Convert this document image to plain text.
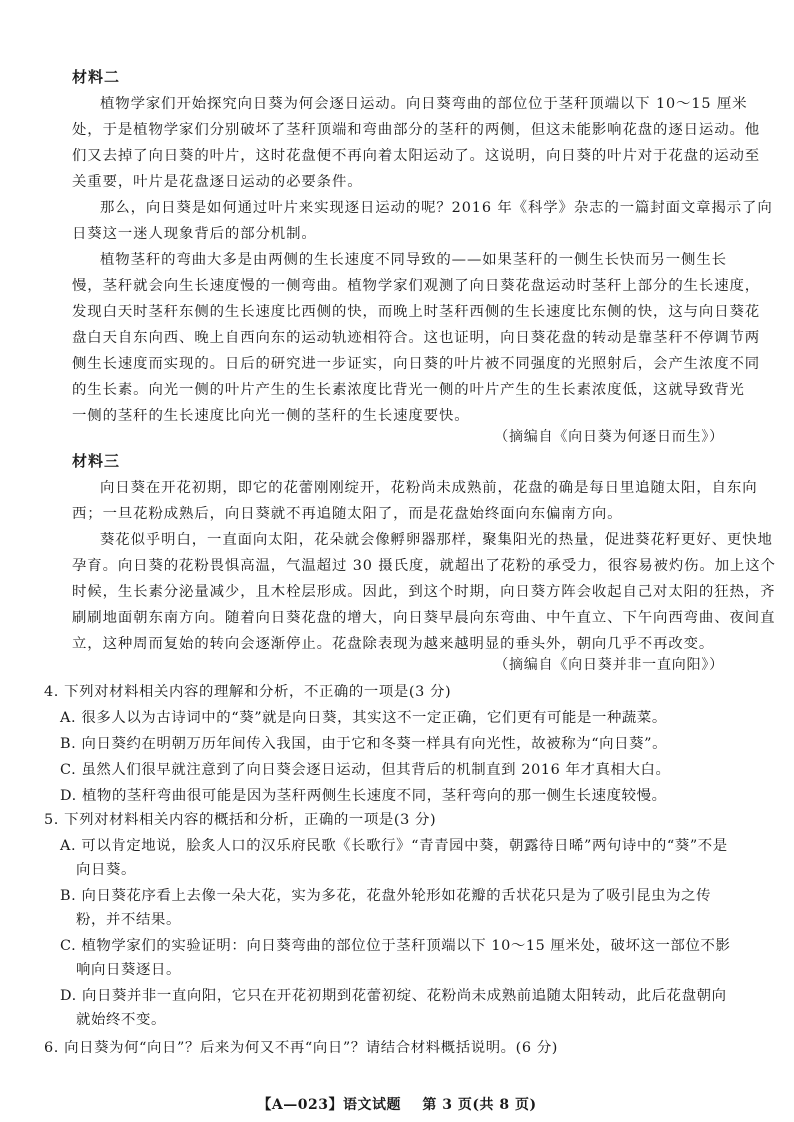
材料二
植物学家们开始探究向日葵为何会逐日运动。向日葵弯曲的部位位于茎秆顶端以下 10～15 厘米
处，于是植物学家们分别破坏了茎秆顶端和弯曲部分的茎秆的两侧，但这未能影响花盘的逐日运动。他
们又去掉了向日葵的叶片，这时花盘便不再向着太阳运动了。这说明，向日葵的叶片对于花盘的运动至
关重要，叶片是花盘逐日运动的必要条件。
那么，向日葵是如何通过叶片来实现逐日运动的呢？2016 年《科学》杂志的一篇封面文章揭示了向
日葵这一迷人现象背后的部分机制。
植物茎秆的弯曲大多是由两侧的生长速度不同导致的——如果茎秆的一侧生长快而另一侧生长
慢，茎秆就会向生长速度慢的一侧弯曲。植物学家们观测了向日葵花盘运动时茎秆上部分的生长速度，
发现白天时茎秆东侧的生长速度比西侧的快，而晚上时茎秆西侧的生长速度比东侧的快，这与向日葵花
盘白天自东向西、晚上自西向东的运动轨迹相符合。这也证明，向日葵花盘的转动是靠茎秆不停调节两
侧生长速度而实现的。日后的研究进一步证实，向日葵的叶片被不同强度的光照射后，会产生浓度不同
的生长素。向光一侧的叶片产生的生长素浓度比背光一侧的叶片产生的生长素浓度低，这就导致背光
一侧的茎秆的生长速度比向光一侧的茎秆的生长速度要快。
（摘编自《向日葵为何逐日而生》）
材料三
向日葵在开花初期，即它的花蕾刚刚绽开，花粉尚未成熟前，花盘的确是每日里追随太阳，自东向
西；一旦花粉成熟后，向日葵就不再追随太阳了，而是花盘始终面向东偏南方向。
葵花似乎明白，一直面向太阳，花朵就会像孵卵器那样，聚集阳光的热量，促进葵花籽更好、更快地
孕育。向日葵的花粉畏惧高温，气温超过 30 摄氏度，就超出了花粉的承受力，很容易被灼伤。加上这个
时候，生长素分泌量减少，且木栓层形成。因此，到这个时期，向日葵方阵会收起自己对太阳的狂热，齐
刷刷地面朝东南方向。随着向日葵花盘的增大，向日葵早晨向东弯曲、中午直立、下午向西弯曲、夜间直
立，这种周而复始的转向会逐渐停止。花盘除表现为越来越明显的垂头外，朝向几乎不再改变。
（摘编自《向日葵并非一直向阳》）
4. 下列对材料相关内容的理解和分析，不正确的一项是(3 分)
A. 很多人以为古诗词中的“葵”就是向日葵，其实这不一定正确，它们更有可能是一种蔬菜。
B. 向日葵约在明朝万历年间传入我国，由于它和冬葵一样具有向光性，故被称为“向日葵”。
C. 虽然人们很早就注意到了向日葵会逐日运动，但其背后的机制直到 2016 年才真相大白。
D. 植物的茎秆弯曲很可能是因为茎秆两侧生长速度不同，茎秆弯向的那一侧生长速度较慢。
5. 下列对材料相关内容的概括和分析，正确的一项是(3 分)
A. 可以肯定地说，脍炙人口的汉乐府民歌《长歌行》“青青园中葵，朝露待日晞”两句诗中的“葵”不是
向日葵。
B. 向日葵花序看上去像一朵大花，实为多花，花盘外轮形如花瓣的舌状花只是为了吸引昆虫为之传
粉，并不结果。
C. 植物学家们的实验证明：向日葵弯曲的部位位于茎秆顶端以下 10～15 厘米处，破坏这一部位不影
响向日葵逐日。
D. 向日葵并非一直向阳，它只在开花初期到花蕾初绽、花粉尚未成熟前追随太阳转动，此后花盘朝向
就始终不变。
6. 向日葵为何“向日”？后来为何又不再“向日”？请结合材料概括说明。(6 分)
【A—023】语文试题 第 3 页(共 8 页)
